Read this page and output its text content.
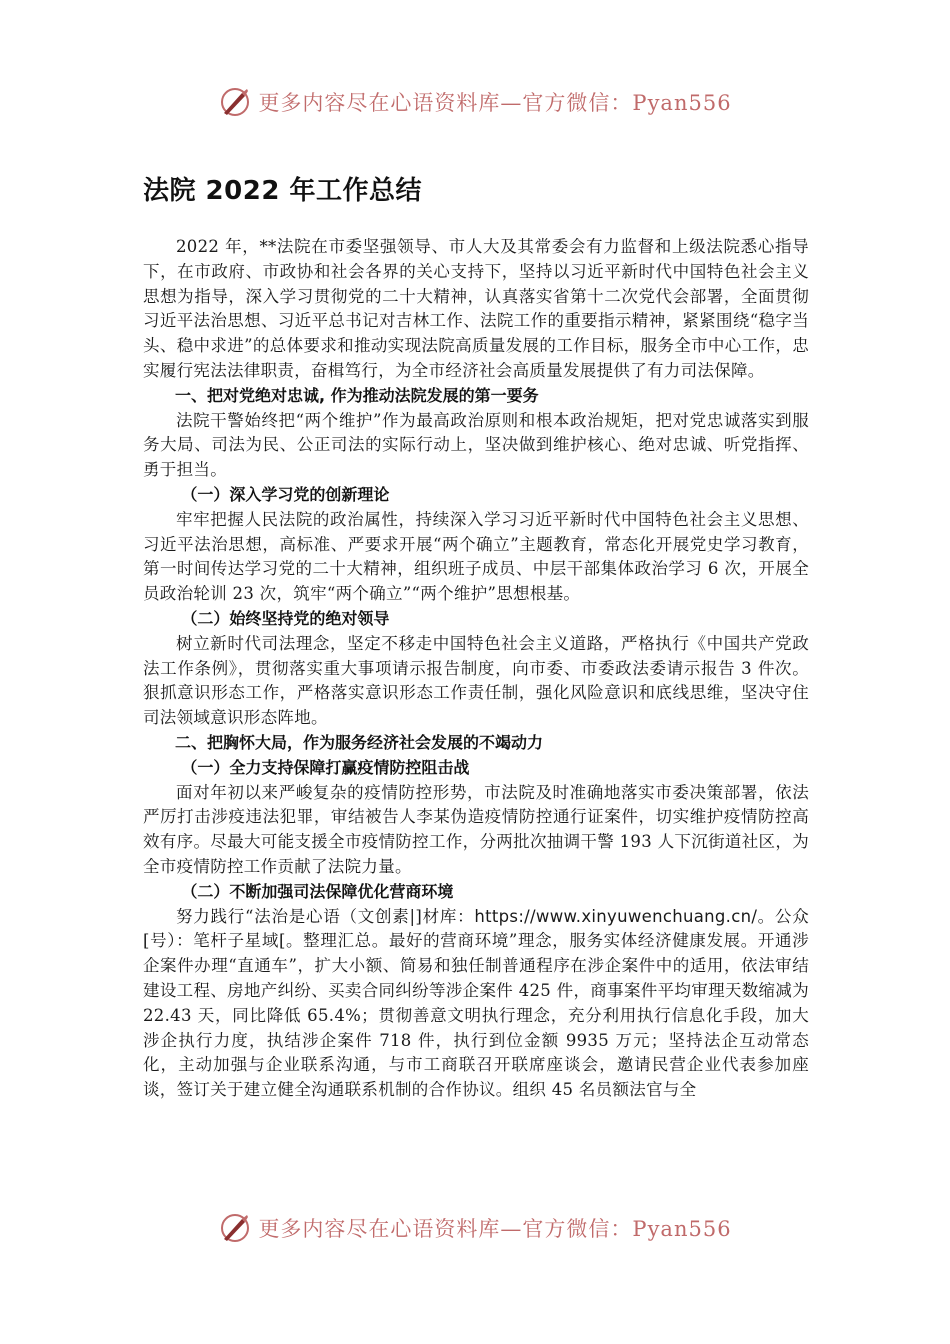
更多内容尽在心语资料库—官方微信：Pyan556
法院 2022 年工作总结

2022 年，**法院在市委坚强领导、市人大及其常委会有力监督和上级法院悉心指导下，在市政府、市政协和社会各界的关心支持下，坚持以习近平新时代中国特色社会主义思想为指导，深入学习贯彻党的二十大精神，认真落实省第十二次党代会部署，全面贯彻习近平法治思想、习近平总书记对吉林工作、法院工作的重要指示精神，紧紧围绕“稳字当头、稳中求进”的总体要求和推动实现法院高质量发展的工作目标，服务全市中心工作，忠实履行宪法法律职责，奋楫笃行，为全市经济社会高质量发展提供了有力司法保障。

一、把对党绝对忠诚, 作为推动法院发展的第一要务

法院干警始终把“两个维护”作为最高政治原则和根本政治规矩，把对党忠诚落实到服务大局、司法为民、公正司法的实际行动上，坚决做到维护核心、绝对忠诚、听党指挥、勇于担当。

（一）深入学习党的创新理论

牢牢把握人民法院的政治属性，持续深入学习习近平新时代中国特色社会主义思想、习近平法治思想，高标准、严要求开展“两个确立”主题教育，常态化开展党史学习教育，第一时间传达学习党的二十大精神，组织班子成员、中层干部集体政治学习 6 次，开展全员政治轮训 23 次，筑牢“两个确立”“两个维护”思想根基。

（二）始终坚持党的绝对领导

树立新时代司法理念，坚定不移走中国特色社会主义道路，严格执行《中国共产党政法工作条例》，贯彻落实重大事项请示报告制度，向市委、市委政法委请示报告 3 件次。狠抓意识形态工作，严格落实意识形态工作责任制，强化风险意识和底线思维，坚决守住司法领域意识形态阵地。

二、把胸怀大局，作为服务经济社会发展的不竭动力
（一）全力支持保障打赢疫情防控阻击战

面对年初以来严峻复杂的疫情防控形势，市法院及时准确地落实市委决策部署，依法严厉打击涉疫违法犯罪，审结被告人李某伪造疫情防控通行证案件，切实维护疫情防控高效有序。尽最大可能支援全市疫情防控工作，分两批次抽调干警 193 人下沉街道社区，为全市疫情防控工作贡献了法院力量。

（二）不断加强司法保障优化营商环境

努力践行“法治是心语（文创素|]材库：https://www.xinyuwenchuang.cn/。公众[号）：笔杆子星域[。整理汇总。最好的营商环境”理念，服务实体经济健康发展。开通涉企案件办理“直通车”，扩大小额、简易和独任制普通程序在涉企案件中的适用，依法审结建设工程、房地产纠纷、买卖合同纠纷等涉企案件 425 件，商事案件平均审理天数缩减为 22.43 天，同比降低 65.4%；贯彻善意文明执行理念，充分利用执行信息化手段，加大涉企执行力度，执结涉企案件 718 件，执行到位金额 9935 万元；坚持法企互动常态化，主动加强与企业联系沟通，与市工商联召开联席座谈会，邀请民营企业代表参加座谈，签订关于建立健全沟通联系机制的合作协议。组织 45 名员额法官与全

更多内容尽在心语资料库—官方微信：Pyan556
